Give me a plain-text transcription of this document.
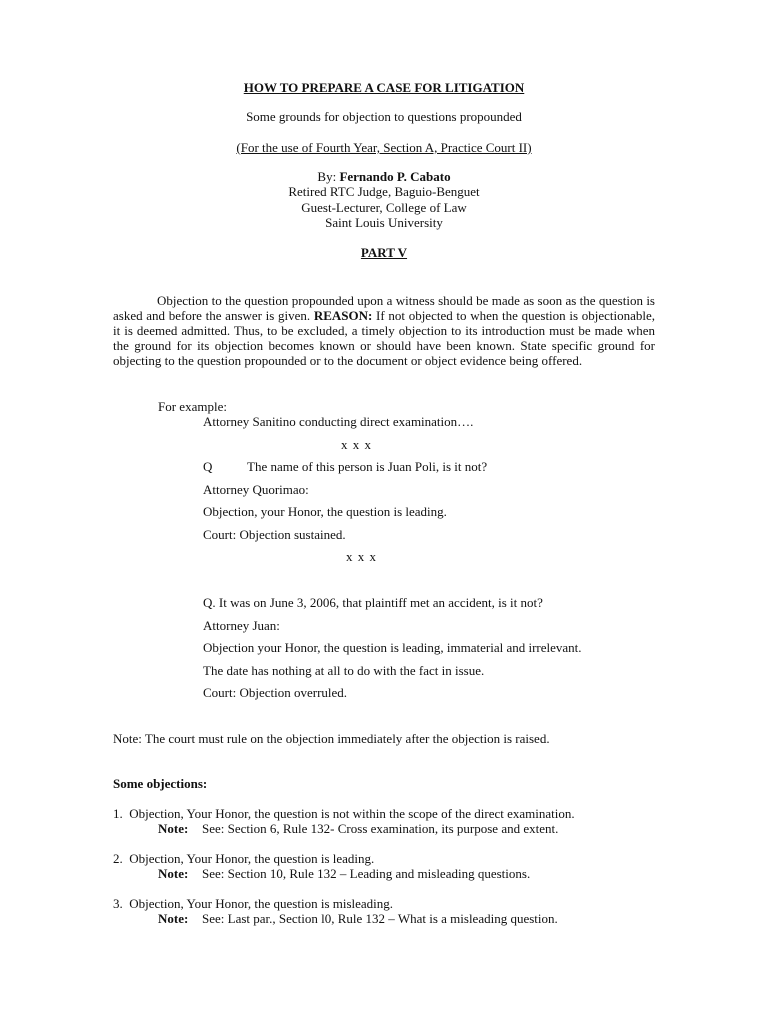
HOW TO PREPARE A CASE FOR LITIGATION
Some grounds for objection to questions propounded
(For the use of Fourth Year, Section A, Practice Court II)
By: Fernando P. Cabato
Retired RTC Judge, Baguio-Benguet
Guest-Lecturer, College of Law
Saint Louis University
PART V
Objection to the question propounded upon a witness should be made as soon as the question is asked and before the answer is given. REASON: If not objected to when the question is objectionable, it is deemed admitted. Thus, to be excluded, a timely objection to its introduction must be made when the ground for its objection becomes known or should have been known. State specific ground for objecting to the question propounded or to the document or object evidence being offered.
For example:
Attorney Sanitino conducting direct examination….
x x x
Q	The name of this person is Juan Poli, is it not?
Attorney Quorimao:
Objection, your Honor, the question is leading.
Court: Objection sustained.
x x x
Q. It was on June 3, 2006, that plaintiff met an accident, is it not?
Attorney Juan:
Objection your Honor, the question is leading, immaterial and irrelevant.
The date has nothing at all to do with the fact in issue.
Court: Objection overruled.
Note: The court must rule on the objection immediately after the objection is raised.
Some objections:
1. Objection, Your Honor, the question is not within the scope of the direct examination.
Note: See: Section 6, Rule 132- Cross examination, its purpose and extent.
2. Objection, Your Honor, the question is leading.
Note: See: Section 10, Rule 132 – Leading and misleading questions.
3. Objection, Your Honor, the question is misleading.
Note: See: Last par., Section l0, Rule 132 – What is a misleading question.
